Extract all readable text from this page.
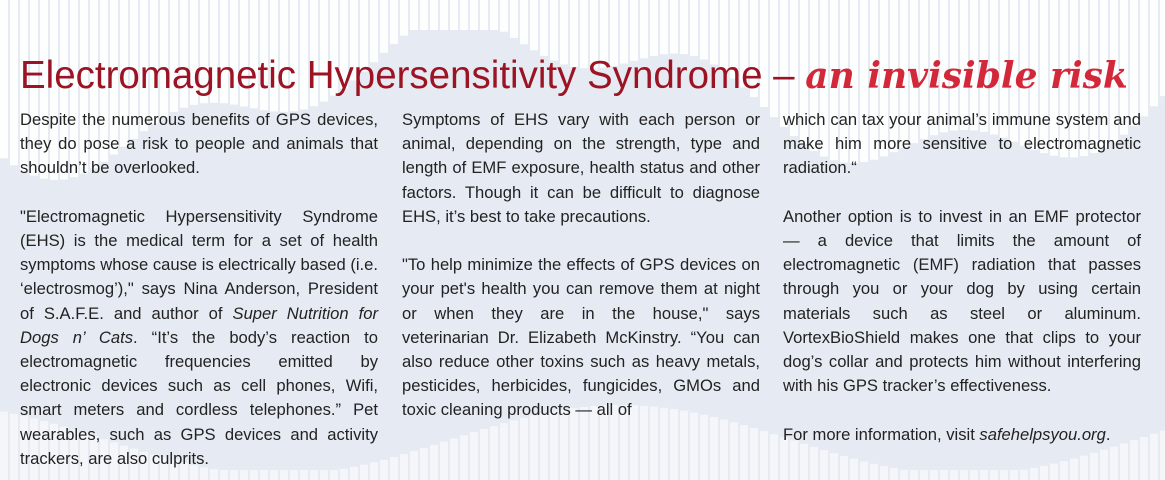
Electromagnetic Hypersensitivity Syndrome – an invisible risk

Despite the numerous benefits of GPS devices, they do pose a risk to people and animals that shouldn’t be overlooked.

"Electromagnetic Hypersensitivity Syndrome (EHS) is the medical term for a set of health symptoms whose cause is electrically based (i.e. ‘electrosmog’)," says Nina Anderson, President of S.A.F.E. and author of Super Nutrition for Dogs n’ Cats. “It’s the body’s reaction to electromagnetic frequencies emitted by electronic devices such as cell phones, Wifi, smart meters and cordless telephones.” Pet wearables, such as GPS devices and activity trackers, are also culprits.

Symptoms of EHS vary with each person or animal, depending on the strength, type and length of EMF exposure, health status and other factors. Though it can be difficult to diagnose EHS, it’s best to take precautions.

"To help minimize the effects of GPS devices on your pet's health you can remove them at night or when they are in the house," says veterinarian Dr. Elizabeth McKinstry. “You can also reduce other toxins such as heavy metals, pesticides, herbicides, fungicides, GMOs and toxic cleaning products — all of

which can tax your animal’s immune system and make him more sensitive to electromagnetic radiation.“

Another option is to invest in an EMF protector — a device that limits the amount of electromagnetic (EMF) radiation that passes through you or your dog by using certain materials such as steel or aluminum. VortexBioShield makes one that clips to your dog’s collar and protects him without interfering with his GPS tracker’s effectiveness.

For more information, visit safehelpsyou.org.
